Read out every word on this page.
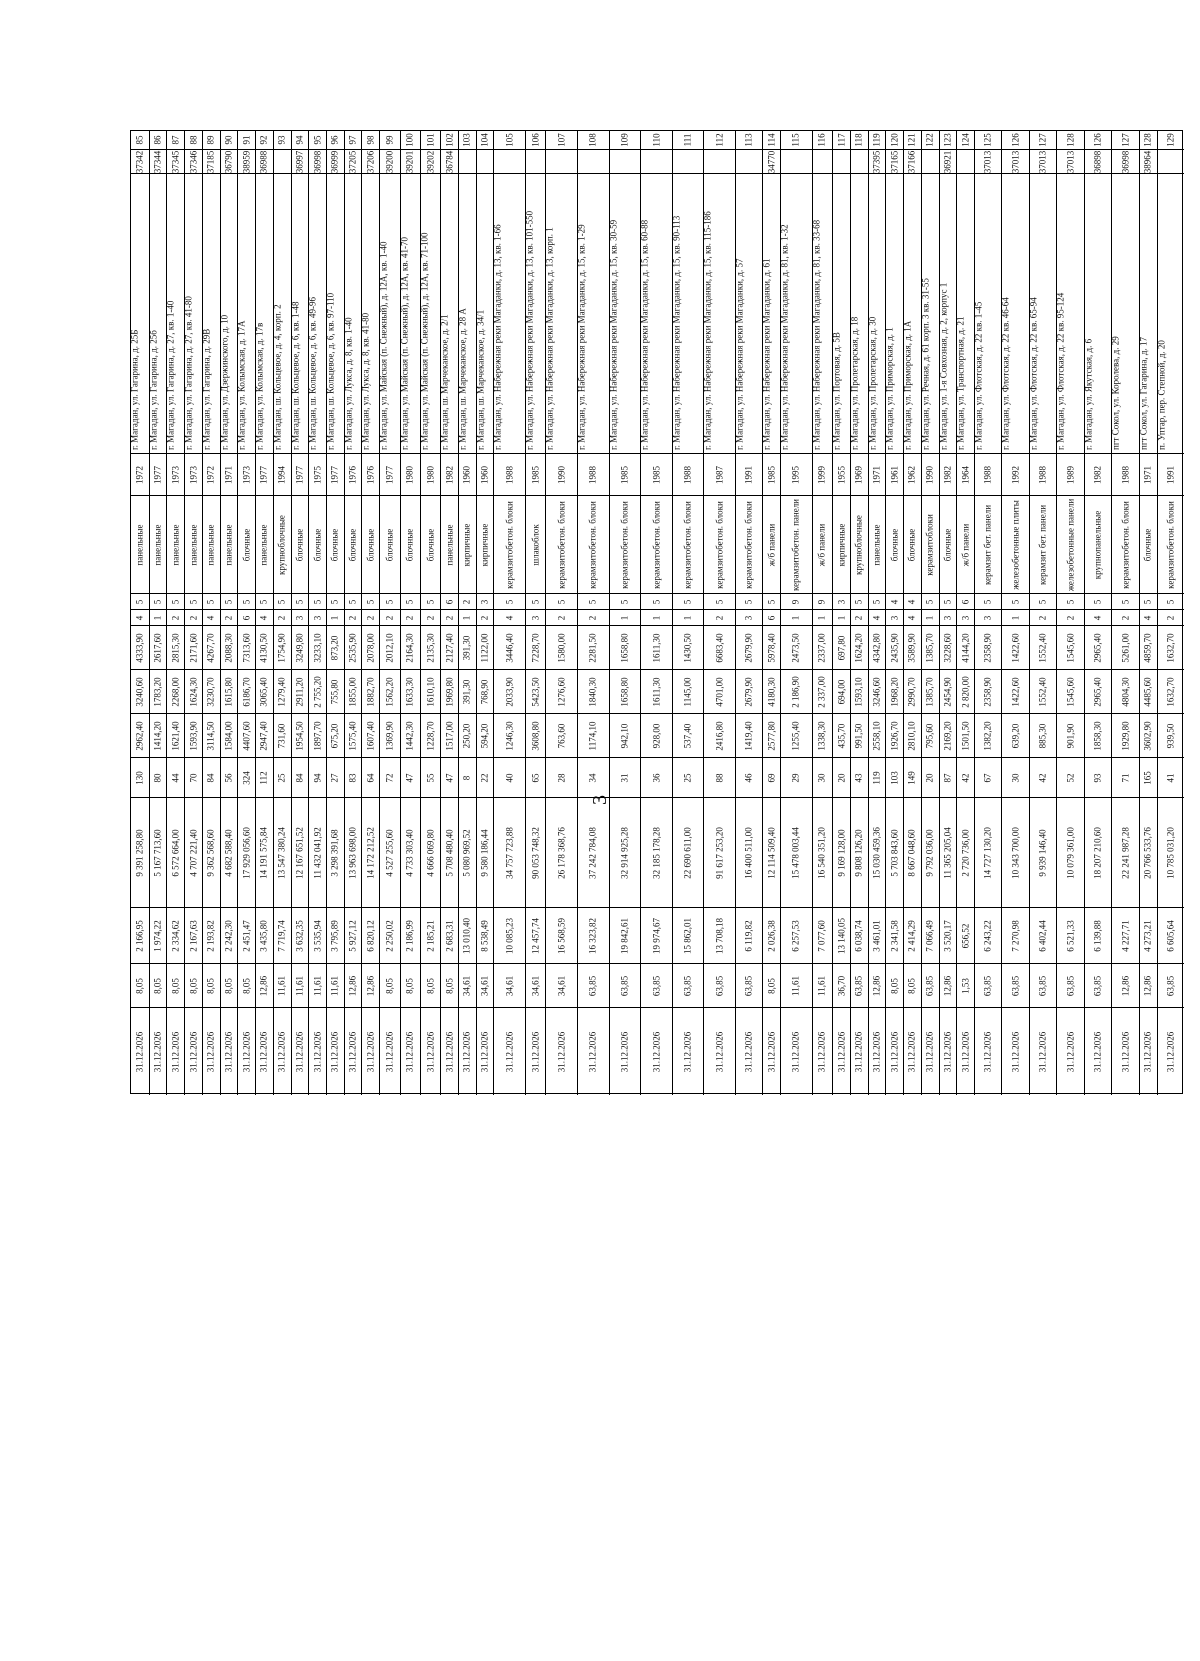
3
85
37342
г. Магадан, ул. Гагарина, д. 25Б
1972
панельные
5
4
4333,90
3240,60
2962,40
130
9 391 258,80
2 166,95
8,05
31.12.2026
86
37344
г. Магадан, ул. Гагарина, д. 25б
1977
панельные
5
1
2617,60
1783,20
1414,20
80
5 167 713,60
1 974,22
8,05
31.12.2026
87
37345
г. Магадан, ул. Гагарина, д. 27, кв. 1-40
1973
панельные
5
2
2815,30
2268,00
1621,40
44
6 572 664,00
2 334,62
8,05
31.12.2026
88
37346
г. Магадан, ул. Гагарина, д. 27, кв. 41-80
1973
панельные
5
2
2171,60
1624,30
1593,90
70
4 707 221,40
2 167,63
8,05
31.12.2026
89
37185
г. Магадан, ул. Гагарина, д. 29В
1972
панельные
5
4
4267,70
3230,70
3114,50
84
9 362 568,60
2 193,82
8,05
31.12.2026
90
36790
г. Магадан, ул. Дзержинского, д. 10
1971
панельные
5
2
2088,30
1615,80
1584,00
56
4 682 588,40
2 242,30
8,05
31.12.2026
91
38959
г. Магадан, ул. Колымская, д. 17А
1973
блочные
5
6
7313,60
6186,70
4407,60
324
17 929 056,60
2 451,47
8,05
31.12.2026
92
36988
г. Магадан, ул. Колымская, д. 17в
1977
панельные
5
4
4130,50
3065,40
2947,40
112
14 191 575,84
3 435,80
12,86
31.12.2026
93
г. Магадан, ш. Кольцевое, д. 4, корп. 2
1994
крупноблочные
5
2
1754,90
1279,40
731,60
25
13 547 380,24
7 719,74
11,61
31.12.2026
94
36997
г. Магадан, ш. Кольцевое, д. 6, кв. 1-48
1977
блочные
5
3
3249,80
2911,20
1954,50
84
12 167 651,52
3 632,35
11,61
31.12.2026
95
36998
г. Магадан, ш. Кольцевое, д. 6, кв. 49-96
1975
блочные
5
3
3233,10
2 755,20
1897,70
94
11 432 041,92
3 535,94
11,61
31.12.2026
96
36999
г. Магадан, ш. Кольцевое, д. 6, кв. 97-110
1977
блочные
5
1
873,20
755,80
675,20
27
3 298 391,68
3 795,89
11,61
31.12.2026
97
37205
г. Магадан, ул. Лукса, д. 8, кв. 1-40
1976
блочные
5
2
2535,90
1855,00
1575,40
83
13 963 698,00
5 927,12
12,86
31.12.2026
98
37206
г. Магадан, ул. Лукса, д. 8, кв. 41-80
1976
блочные
5
2
2078,00
1882,70
1607,40
64
14 172 212,52
6 820,12
12,86
31.12.2026
99
39200
г. Магадан, ул. Майская (п. Снежный), д. 12А, кв. 1-40
1977
блочные
5
2
2012,10
1562,20
1369,90
72
4 527 255,60
2 250,02
8,05
31.12.2026
100
39201
г. Магадан, ул. Майская (п. Снежный), д. 12А, кв. 41-70
1980
блочные
5
2
2164,30
1633,30
1442,30
47
4 733 303,40
2 186,99
8,05
31.12.2026
101
39202
г. Магадан, ул. Майская (п. Снежный), д. 12А, кв. 71-100
1980
блочные
5
2
2135,30
1610,10
1228,70
55
4 666 069,80
2 185,21
8,05
31.12.2026
102
36784
г. Магадан, ш. Марчеканское, д. 2/1
1982
панельные
6
2
2127,40
1969,80
1517,00
47
5 708 480,40
2 683,31
8,05
31.12.2026
103
г. Магадан, ш. Марчеканское, д. 28 А
1960
кирпичные
2
1
391,30
391,30
250,20
8
5 080 969,52
13 010,40
34,61
31.12.2026
104
г. Магадан, ш. Марчеканское, д. 34/1
1960
кирпичные
3
2
1122,00
768,90
594,20
22
9 580 186,44
8 538,49
34,61
31.12.2026
105
г. Магадан, ул. Набережная реки Магаданки, д. 13, кв. 1-66
1988
керамзитобетон. блоки
5
4
3446,40
2033,90
1246,30
40
34 757 723,88
10 085,23
34,61
31.12.2026
106
г. Магадан, ул. Набережная реки Магаданки, д. 13, кв. 101-550
1985
шлакоблок
5
3
7228,70
5423,50
3608,80
65
90 053 748,32
12 457,74
34,61
31.12.2026
107
г. Магадан, ул. Набережная реки Магаданки, д. 13, корп. 1
1990
керамзитобетон. блоки
5
2
1580,00
1276,60
763,60
28
26 178 368,76
16 568,59
34,61
31.12.2026
108
г. Магадан, ул. Набережная реки Магаданки, д. 15, кв. 1-29
1988
керамзитобетон. блоки
5
2
2281,50
1840,30
1174,10
34
37 242 784,08
16 323,82
63,85
31.12.2026
109
г. Магадан, ул. Набережная реки Магаданки, д. 15, кв. 30-59
1985
керамзитобетон. блоки
5
1
1658,80
1658,80
942,10
31
32 914 925,28
19 842,61
63,85
31.12.2026
110
г. Магадан, ул. Набережная реки Магаданки, д. 15, кв. 60-88
1985
керамзитобетон. блоки
5
1
1611,30
1611,30
928,00
36
32 185 178,28
19 974,67
63,85
31.12.2026
111
г. Магадан, ул. Набережная реки Магаданки, д. 15, кв. 90-113
1988
керамзитобетон. блоки
5
1
1430,50
1145,00
537,40
25
22 690 611,00
15 862,01
63,85
31.12.2026
112
г. Магадан, ул. Набережная реки Магаданки, д. 15, кв. 115-186
1987
керамзитобетон. блоки
5
2
6683,40
4701,00
2416,80
88
91 617 253,20
13 708,18
63,85
31.12.2026
113
г. Магадан, ул. Набережная реки Магаданки, д. 57
1991
керамзитобетон. блоки
5
3
2679,90
2679,90
1419,40
46
16 400 511,00
6 119,82
63,85
31.12.2026
114
34770
г. Магадан, ул. Набережная реки Магаданки, д. 61
1985
ж/б панели
5
6
5978,40
4180,30
2577,80
69
12 114 509,40
2 026,38
8,05
31.12.2026
115
г. Магадан, ул. Набережная реки Магаданки, д. 81, кв. 1-32
1995
керамзитобетон. панели
9
1
2473,50
2 186,90
1255,40
29
15 478 003,44
6 257,53
11,61
31.12.2026
116
г. Магадан, ул. Набережная реки Магаданки, д. 81, кв. 33-68
1999
ж/б панели
9
1
2337,00
2 337,00
1338,30
30
16 540 351,20
7 077,60
11,61
31.12.2026
117
г. Магадан, ул. Портовая, д. 5В
1955
кирпичные
3
1
697,80
694,00
435,70
20
9 169 128,00
13 140,05
36,70
31.12.2026
118
г. Магадан, ул. Пролетарская, д. 18
1969
крупноблочные
5
2
1624,20
1593,10
991,50
43
9 808 126,20
6 038,74
63,85
31.12.2026
119
37395
г. Магадан, ул. Пролетарская, д. 30
1971
панельные
5
4
4342,80
3246,60
2558,10
119
15 030 459,36
3 461,01
12,86
31.12.2026
120
37165
г. Магадан, ул. Приморская, д. 1
1961
блочные
4
3
2435,90
1968,20
1926,70
103
5 703 843,60
2 341,58
8,05
31.12.2026
121
37166
г. Магадан, ул. Приморская, д. 1А
1962
блочные
4
4
3589,90
2990,70
2810,10
149
8 667 048,60
2 414,29
8,05
31.12.2026
122
г. Магадан, ул. Речная, д. 61 корп. 3 кв. 31-55
1990
керамзитоблоки
5
1
1385,70
1385,70
795,60
20
9 792 036,00
7 066,49
63,85
31.12.2026
123
36921
г. Магадан, ул. 1-я Совхозная, д. 2, корпус 1
1982
блочные
5
3
3228,60
2454,90
2169,20
87
11 365 205,04
3 520,17
12,86
31.12.2026
124
г. Магадан, ул. Транспортная, д. 21
1964
ж/б панели
6
3
4144,20
2 820,00
1501,50
42
2 720 736,00
656,52
1,53
31.12.2026
125
37013
г. Магадан, ул. Флотская, д. 22 кв. 1-45
1988
керамзит бет. панели
5
3
2358,90
2358,90
1382,20
67
14 727 130,20
6 243,22
63,85
31.12.2026
126
37013
г. Магадан, ул. Флотская, д. 22 кв. 46-64
1992
железобетонные плиты
5
1
1422,60
1422,60
639,20
30
10 343 700,00
7 270,98
63,85
31.12.2026
127
37013
г. Магадан, ул. Флотская, д. 22 кв. 65-94
1988
керамзит бет. панели
5
2
1552,40
1552,40
885,30
42
9 939 146,40
6 402,44
63,85
31.12.2026
128
37013
г. Магадан, ул. Флотская, д. 22 кв. 95-124
1989
железобетонные панели
5
2
1545,60
1545,60
901,90
52
10 079 361,00
6 521,33
63,85
31.12.2026
126
36898
г. Магадан, ул. Якутская, д. 6
1982
крупнопанельные
5
4
2965,40
2965,40
1858,30
93
18 207 210,60
6 139,88
63,85
31.12.2026
127
36998
пгт Сокол, ул. Королева, д. 29
1988
керамзитобетон. блоки
5
2
5261,00
4804,30
1929,80
71
22 241 987,28
4 227,71
12,86
31.12.2026
128
38964
пгт Сокол, ул. Гагарина, д. 17
1971
блочные
5
4
4859,70
4485,60
3602,90
165
20 766 533,76
4 273,21
12,86
31.12.2026
129
п. Уптар, пер. Степной, д. 20
1991
керамзитобетон. блоки
5
2
1632,70
1632,70
939,50
41
10 785 031,20
6 605,64
63,85
31.12.2026
